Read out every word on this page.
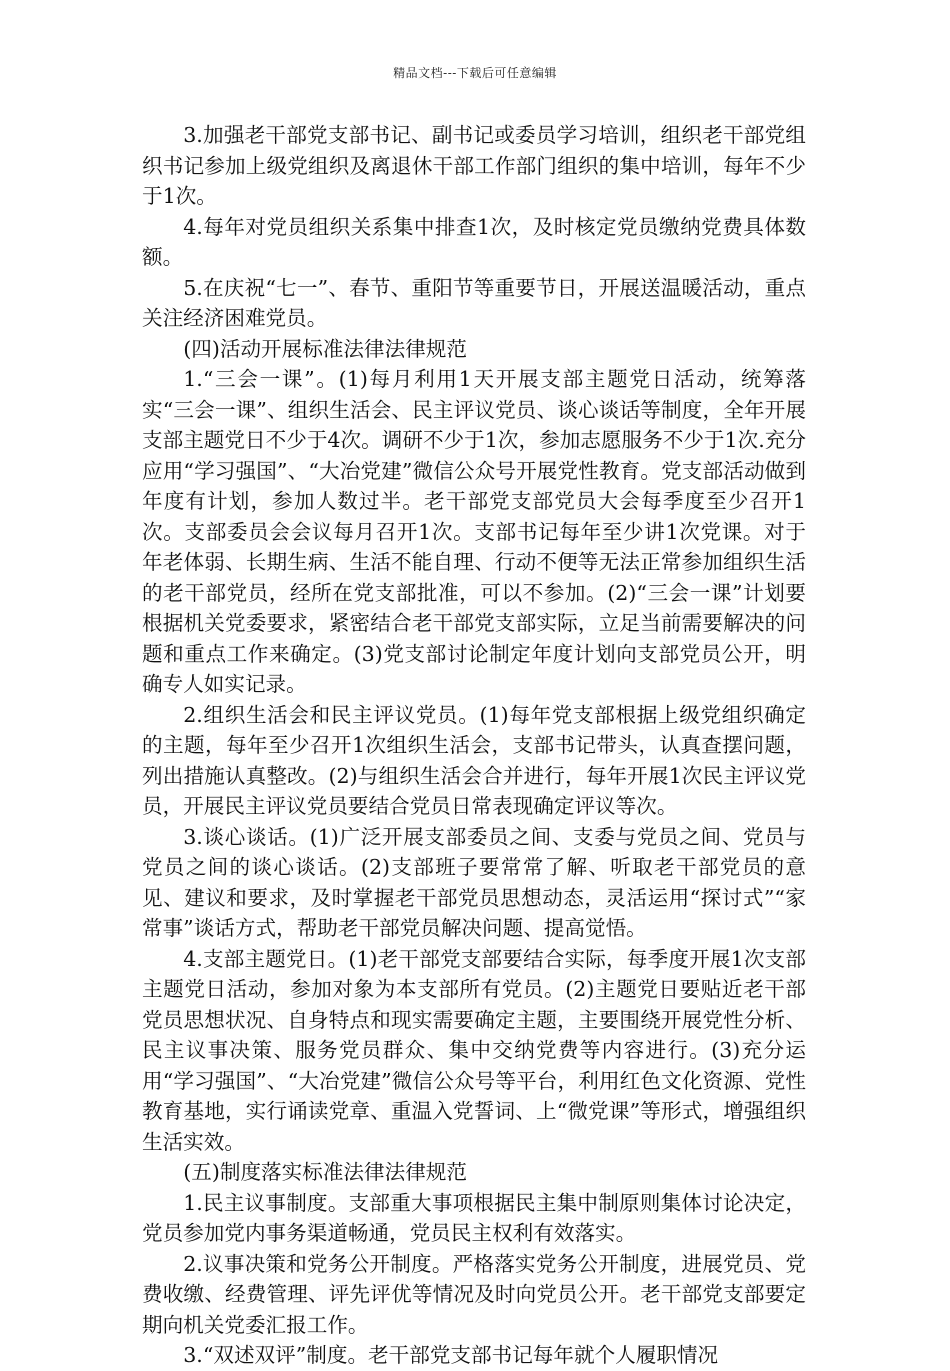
精品文档---下载后可任意编辑

3.加强老干部党支部书记、副书记或委员学习培训，组织老干部党组织书记参加上级党组织及离退休干部工作部门组织的集中培训，每年不少于1次。

4.每年对党员组织关系集中排查1次，及时核定党员缴纳党费具体数额。

5.在庆祝“七一”、春节、重阳节等重要节日，开展送温暖活动，重点关注经济困难党员。

(四)活动开展标准法律法律规范

1.“三会一课”。(1)每月利用1天开展支部主题党日活动，统筹落实“三会一课”、组织生活会、民主评议党员、谈心谈话等制度，全年开展支部主题党日不少于4次。调研不少于1次，参加志愿服务不少于1次.充分应用“学习强国”、“大冶党建”微信公众号开展党性教育。党支部活动做到年度有计划，参加人数过半。老干部党支部党员大会每季度至少召开1次。支部委员会会议每月召开1次。支部书记每年至少讲1次党课。对于年老体弱、长期生病、生活不能自理、行动不便等无法正常参加组织生活的老干部党员，经所在党支部批准，可以不参加。(2)“三会一课”计划要根据机关党委要求，紧密结合老干部党支部实际，立足当前需要解决的问题和重点工作来确定。(3)党支部讨论制定年度计划向支部党员公开，明确专人如实记录。

2.组织生活会和民主评议党员。(1)每年党支部根据上级党组织确定的主题，每年至少召开1次组织生活会，支部书记带头，认真查摆问题，列出措施认真整改。(2)与组织生活会合并进行，每年开展1次民主评议党员，开展民主评议党员要结合党员日常表现确定评议等次。

3.谈心谈话。(1)广泛开展支部委员之间、支委与党员之间、党员与党员之间的谈心谈话。(2)支部班子要常常了解、听取老干部党员的意见、建议和要求，及时掌握老干部党员思想动态，灵活运用“探讨式”“家常事”谈话方式，帮助老干部党员解决问题、提高觉悟。

4.支部主题党日。(1)老干部党支部要结合实际，每季度开展1次支部主题党日活动，参加对象为本支部所有党员。(2)主题党日要贴近老干部党员思想状况、自身特点和现实需要确定主题，主要围绕开展党性分析、民主议事决策、服务党员群众、集中交纳党费等内容进行。(3)充分运用“学习强国”、“大冶党建”微信公众号等平台，利用红色文化资源、党性教育基地，实行诵读党章、重温入党誓词、上“微党课”等形式，增强组织生活实效。

(五)制度落实标准法律法律规范

1.民主议事制度。支部重大事项根据民主集中制原则集体讨论决定，党员参加党内事务渠道畅通，党员民主权利有效落实。

2.议事决策和党务公开制度。严格落实党务公开制度，进展党员、党费收缴、经费管理、评先评优等情况及时向党员公开。老干部党支部要定期向机关党委汇报工作。

3.“双述双评”制度。老干部党支部书记每年就个人履职情况
